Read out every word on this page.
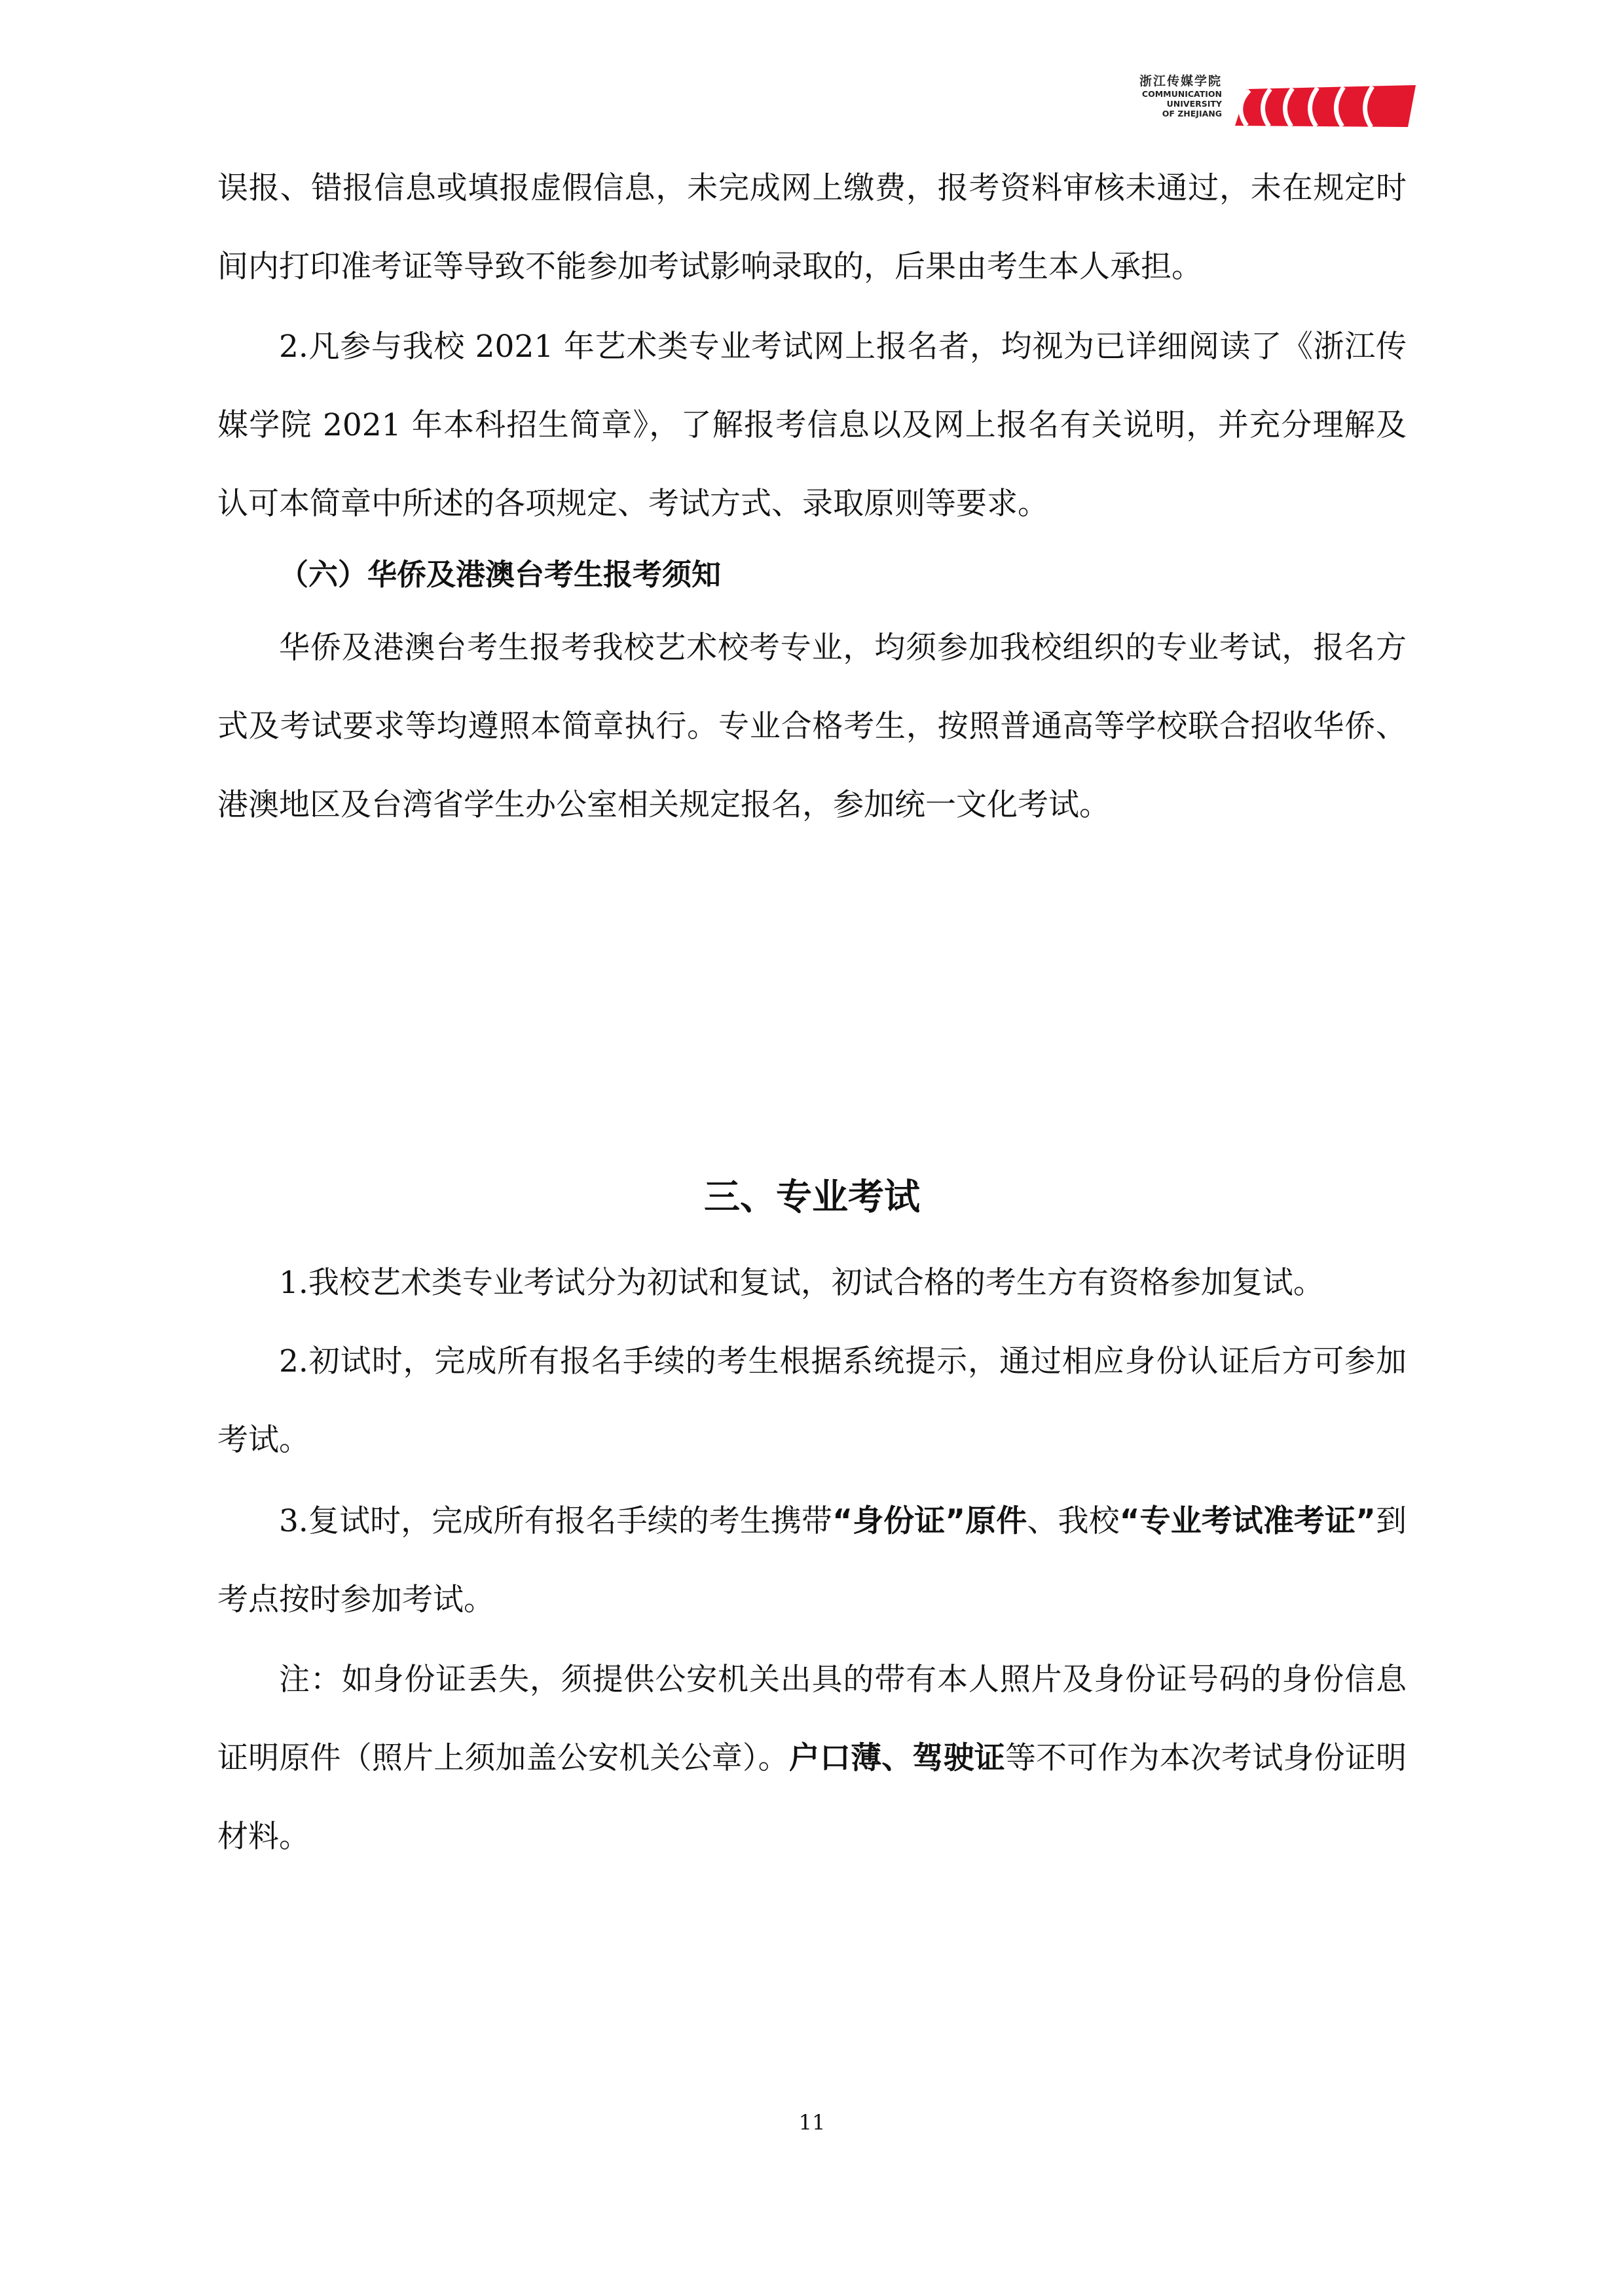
浙江传媒学院
COMMUNICATION
UNIVERSITY
OF ZHEJIANG

误报、错报信息或填报虚假信息，未完成网上缴费，报考资料审核未通过，未在规定时间内打印准考证等导致不能参加考试影响录取的，后果由考生本人承担。

2.凡参与我校 2021 年艺术类专业考试网上报名者，均视为已详细阅读了《浙江传媒学院 2021 年本科招生简章》，了解报考信息以及网上报名有关说明，并充分理解及认可本简章中所述的各项规定、考试方式、录取原则等要求。

（六）华侨及港澳台考生报考须知

华侨及港澳台考生报考我校艺术校考专业，均须参加我校组织的专业考试，报名方式及考试要求等均遵照本简章执行。专业合格考生，按照普通高等学校联合招收华侨、港澳地区及台湾省学生办公室相关规定报名，参加统一文化考试。

三、专业考试

1.我校艺术类专业考试分为初试和复试，初试合格的考生方有资格参加复试。

2.初试时，完成所有报名手续的考生根据系统提示，通过相应身份认证后方可参加考试。

3.复试时，完成所有报名手续的考生携带“身份证”原件、我校“专业考试准考证”到考点按时参加考试。

注：如身份证丢失，须提供公安机关出具的带有本人照片及身份证号码的身份信息证明原件（照片上须加盖公安机关公章）。户口薄、驾驶证等不可作为本次考试身份证明材料。

11
